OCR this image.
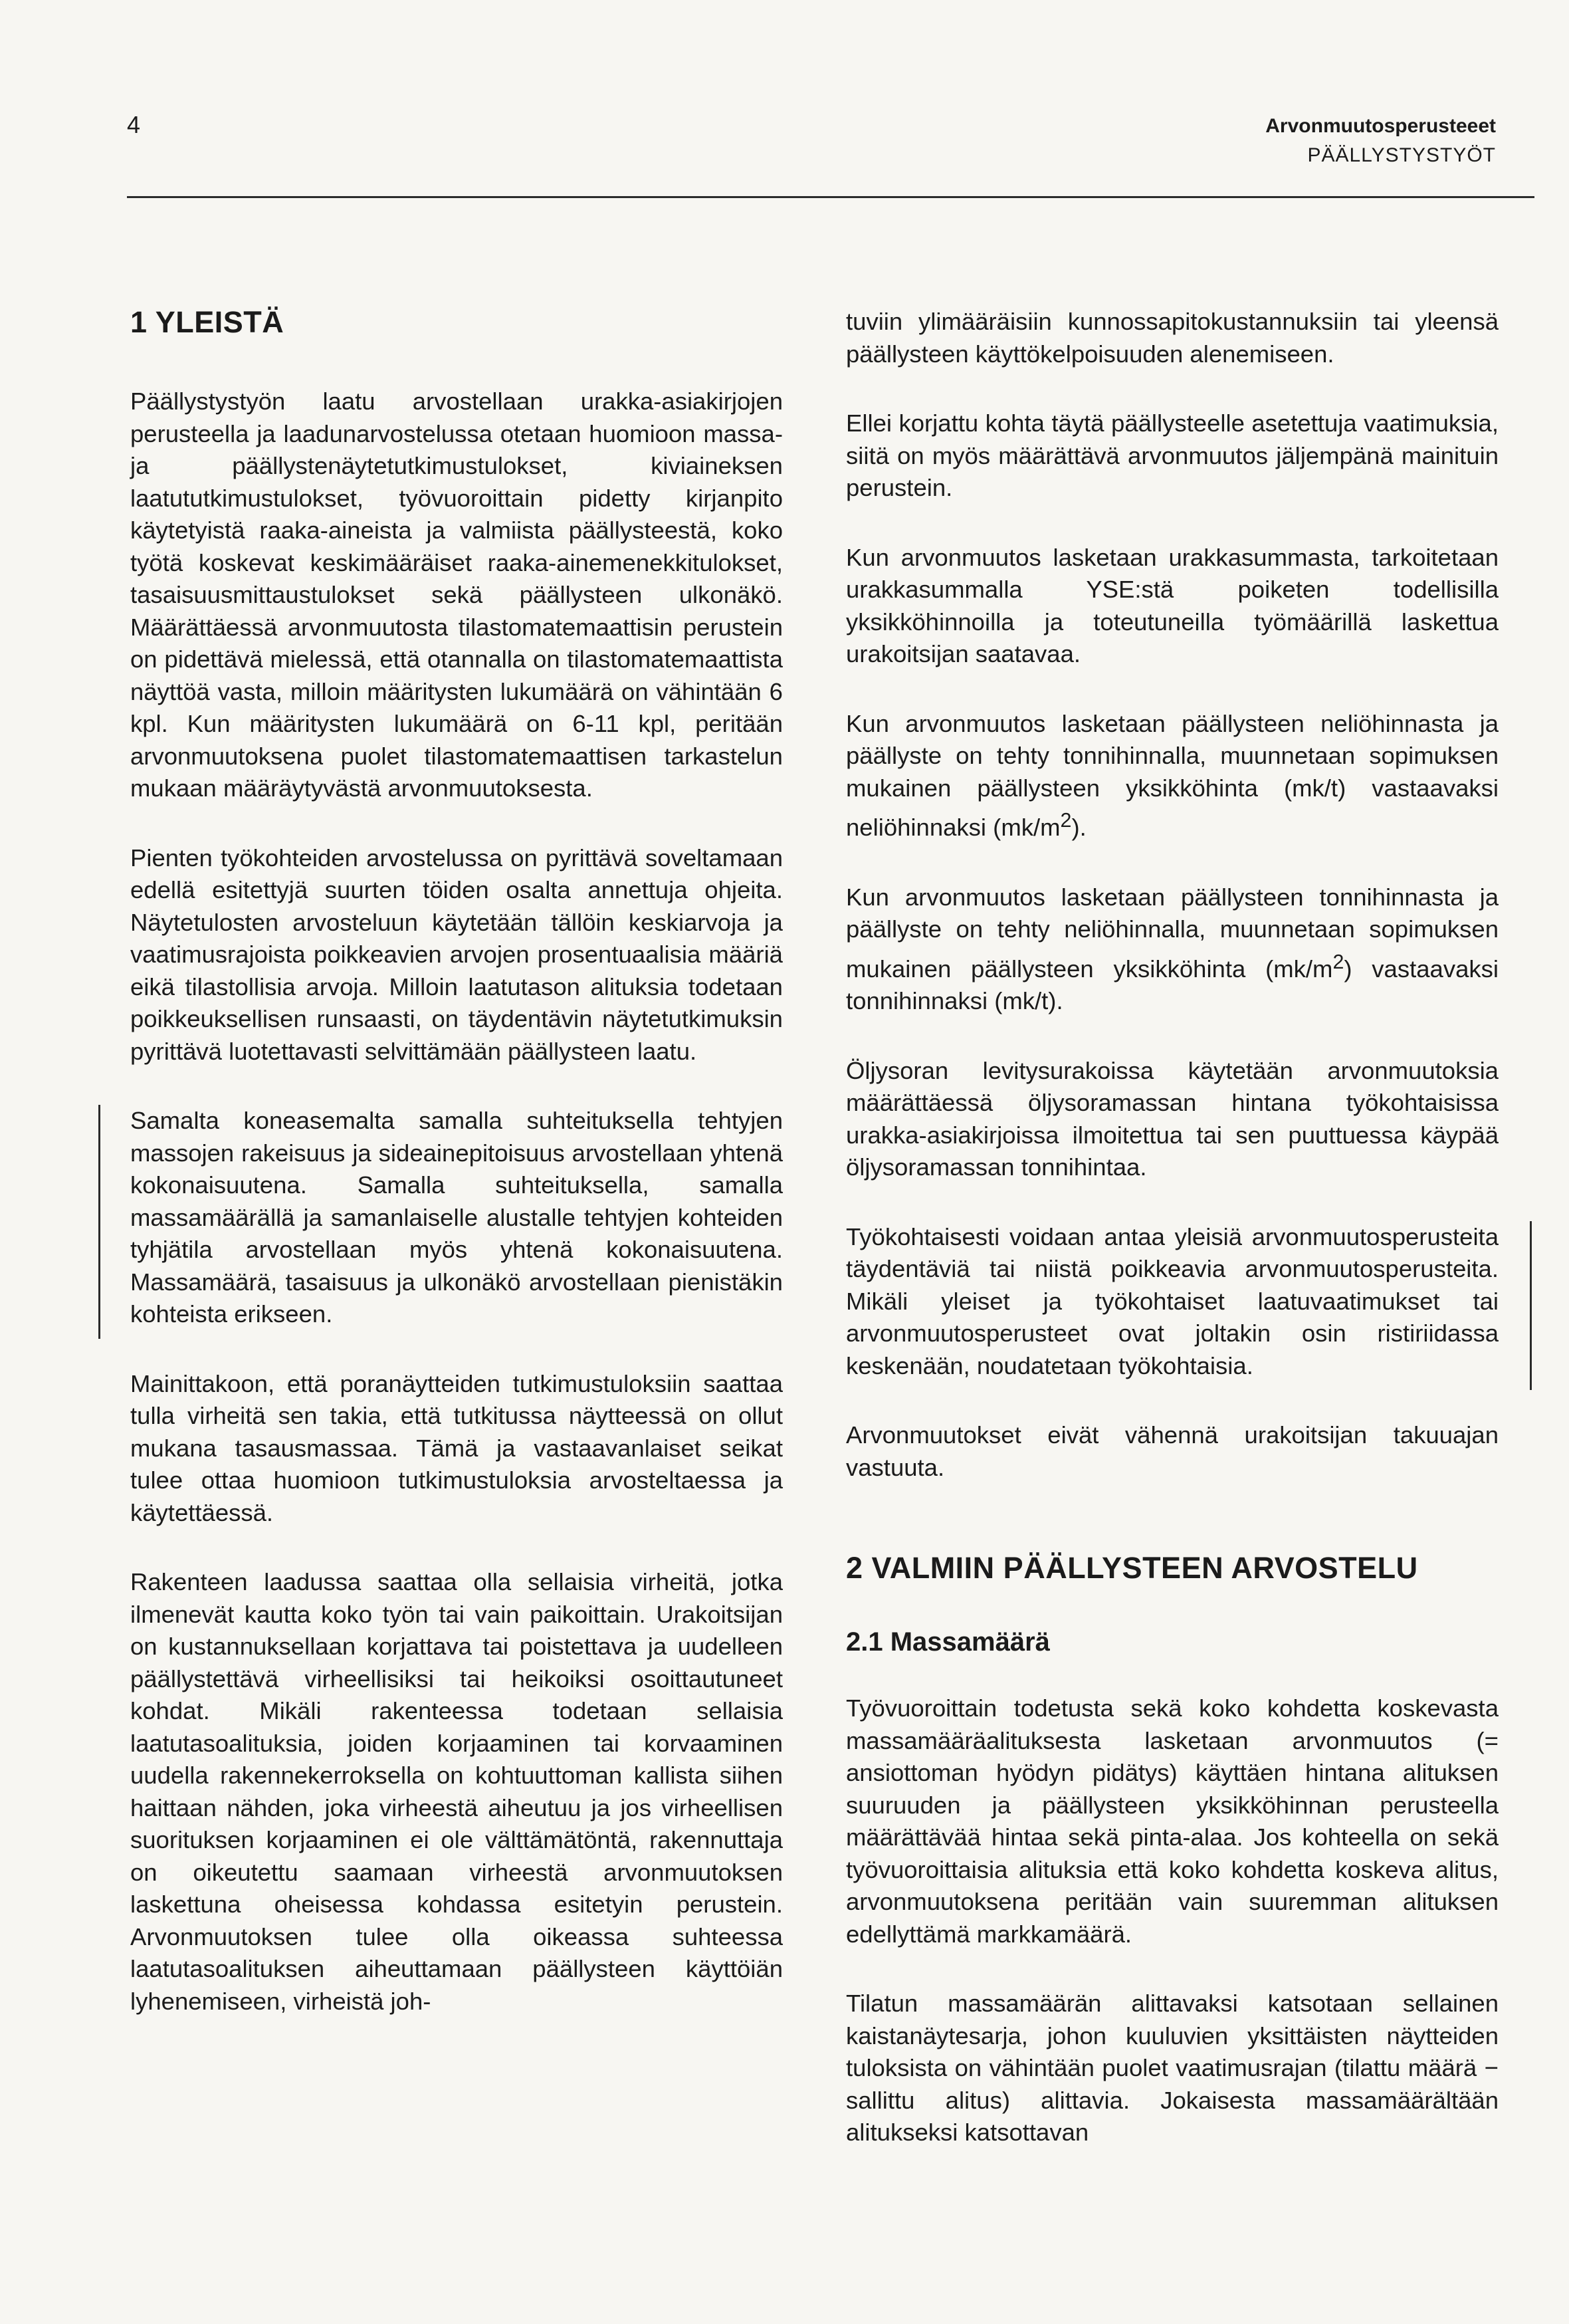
4	Arvonmuutosperusteeet
PÄÄLLYSTYSTYÖT
1 YLEISTÄ

Päällystystyön laatu arvostellaan urakka-asiakirjojen perusteella ja laadunarvostelussa otetaan huomioon massa- ja päällystenäytetutkimustulokset, kiviaineksen laatututkimustulokset, työvuoroittain pidetty kirjanpito käytetyistä raaka-aineista ja valmiista päällysteestä, koko työtä koskevat keskimääräiset raaka-ainemenekkitulokset, tasaisuusmittaustulokset sekä päällysteen ulkonäkö. Määrättäessä arvonmuutosta tilastomatemaattisin perustein on pidettävä mielessä, että otannalla on tilastomatemaattista näyttöä vasta, milloin määritysten lukumäärä on vähintään 6 kpl. Kun määritysten lukumäärä on 6-11 kpl, peritään arvonmuutoksena puolet tilastomatemaattisen tarkastelun mukaan määräytyvästä arvonmuutoksesta.

Pienten työkohteiden arvostelussa on pyrittävä soveltamaan edellä esitettyjä suurten töiden osalta annettuja ohjeita. Näytetulosten arvosteluun käytetään tällöin keskiarvoja ja vaatimusrajoista poikkeavien arvojen prosentuaalisia määriä eikä tilastollisia arvoja. Milloin laatutason alituksia todetaan poikkeuksellisen runsaasti, on täydentävin näytetutkimuksin pyrittävä luotettavasti selvittämään päällysteen laatu.

Samalta koneasemalta samalla suhteituksella tehtyjen massojen rakeisuus ja sideainepitoisuus arvostellaan yhtenä kokonaisuutena. Samalla suhteituksella, samalla massamäärällä ja samanlaiselle alustalle tehtyjen kohteiden tyhjätila arvostellaan myös yhtenä kokonaisuutena. Massamäärä, tasaisuus ja ulkonäkö arvostellaan pienistäkin kohteista erikseen.

Mainittakoon, että poranäytteiden tutkimustuloksiin saattaa tulla virheitä sen takia, että tutkitussa näytteessä on ollut mukana tasausmassaa. Tämä ja vastaavanlaiset seikat tulee ottaa huomioon tutkimustuloksia arvosteltaessa ja käytettäessä.

Rakenteen laadussa saattaa olla sellaisia virheitä, jotka ilmenevät kautta koko työn tai vain paikoittain. Urakoitsijan on kustannuksellaan korjattava tai poistettava ja uudelleen päällystettävä virheellisiksi tai heikoiksi osoittautuneet kohdat. Mikäli rakenteessa todetaan sellaisia laatutasoalituksia, joiden korjaaminen tai korvaaminen uudella rakennekerroksella on kohtuuttoman kallista siihen haittaan nähden, joka virheestä aiheutuu ja jos virheellisen suorituksen korjaaminen ei ole välttämätöntä, rakennuttaja on oikeutettu saamaan virheestä arvonmuutoksen laskettuna oheisessa kohdassa esitetyin perustein. Arvonmuutoksen tulee olla oikeassa suhteessa laatutasoalituksen aiheuttamaan päällysteen käyttöiän lyhenemiseen, virheistä joh-

tuviin ylimääräisiin kunnossapitokustannuksiin tai yleensä päällysteen käyttökelpoisuuden alenemiseen.

Ellei korjattu kohta täytä päällysteelle asetettuja vaatimuksia, siitä on myös määrättävä arvonmuutos jäljempänä mainituin perustein.

Kun arvonmuutos lasketaan urakkasummasta, tarkoitetaan urakkasummalla YSE:stä poiketen todellisilla yksikköhinnoilla ja toteutuneilla työmäärillä laskettua urakoitsijan saatavaa.

Kun arvonmuutos lasketaan päällysteen neliöhinnasta ja päällyste on tehty tonnihinnalla, muunnetaan sopimuksen mukainen päällysteen yksikköhinta (mk/t) vastaavaksi neliöhinnaksi $(mk/m^2)$.

Kun arvonmuutos lasketaan päällysteen tonnihinnasta ja päällyste on tehty neliöhinnalla, muunnetaan sopimuksen mukainen päällysteen yksikköhinta $(mk/m^2)$ vastaavaksi tonnihinnaksi (mk/t).

Öljysoran levitysurakoissa käytetään arvonmuutoksia määrättäessä öljysoramassan hintana työkohtaisissa urakka-asiakirjoissa ilmoitettua tai sen puuttuessa käypää öljysoramassan tonnihintaa.

Työkohtaisesti voidaan antaa yleisiä arvonmuutosperusteita täydentäviä tai niistä poikkeavia arvonmuutosperusteita. Mikäli yleiset ja työkohtaiset laatuvaatimukset tai arvonmuutosperusteet ovat joltakin osin ristiriidassa keskenään, noudatetaan työkohtaisia.

Arvonmuutokset eivät vähennä urakoitsijan takuuajan vastuuta.

2 VALMIIN PÄÄLLYSTEEN ARVOSTELU
2.1 Massamäärä

Työvuoroittain todetusta sekä koko kohdetta koskevasta massamääräalituksesta lasketaan arvonmuutos (= ansiottoman hyödyn pidätys) käyttäen hintana alituksen suuruuden ja päällysteen yksikköhinnan perusteella määrättävää hintaa sekä pinta-alaa. Jos kohteella on sekä työvuoroittaisia alituksia että koko kohdetta koskeva alitus, arvonmuutoksena peritään vain suuremman alituksen edellyttämä markkamäärä.

Tilatun massamäärän alittavaksi katsotaan sellainen kaistanäytesarja, johon kuuluvien yksittäisten näytteiden tuloksista on vähintään puolet vaatimusrajan (tilattu määrä − sallittu alitus) alittavia. Jokaisesta massamäärältään alitukseksi katsottavan
